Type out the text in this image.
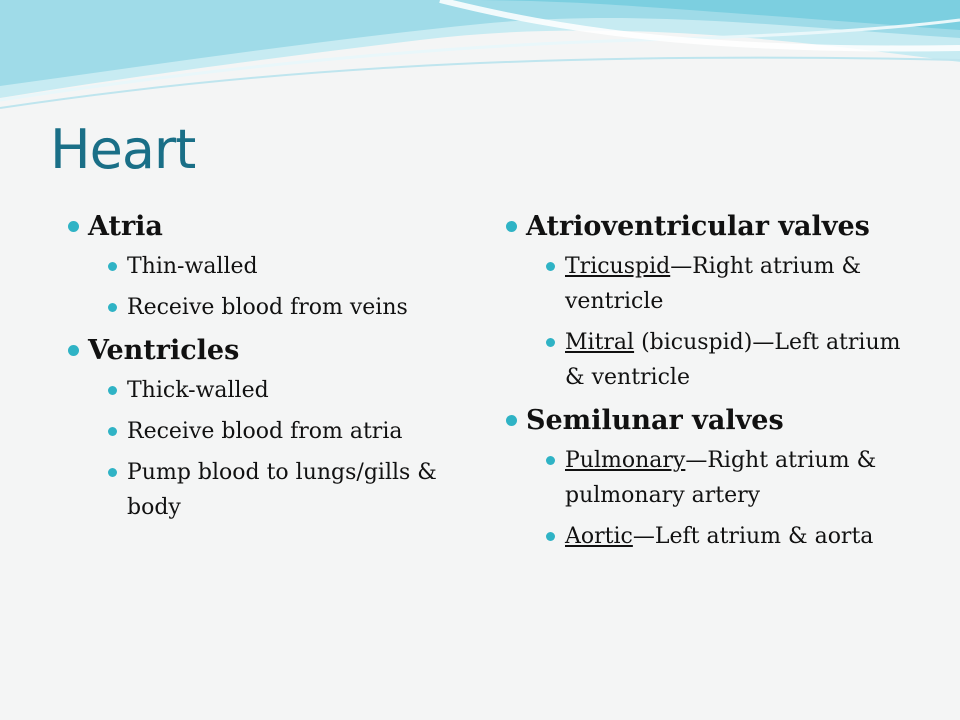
Heart
Atria
Thin-walled
Receive blood from veins
Ventricles
Thick-walled
Receive blood from atria
Pump blood to lungs/gills & body
Atrioventricular valves
Tricuspid—Right atrium & ventricle
Mitral (bicuspid)—Left atrium & ventricle
Semilunar valves
Pulmonary—Right atrium & pulmonary artery
Aortic—Left atrium & aorta
